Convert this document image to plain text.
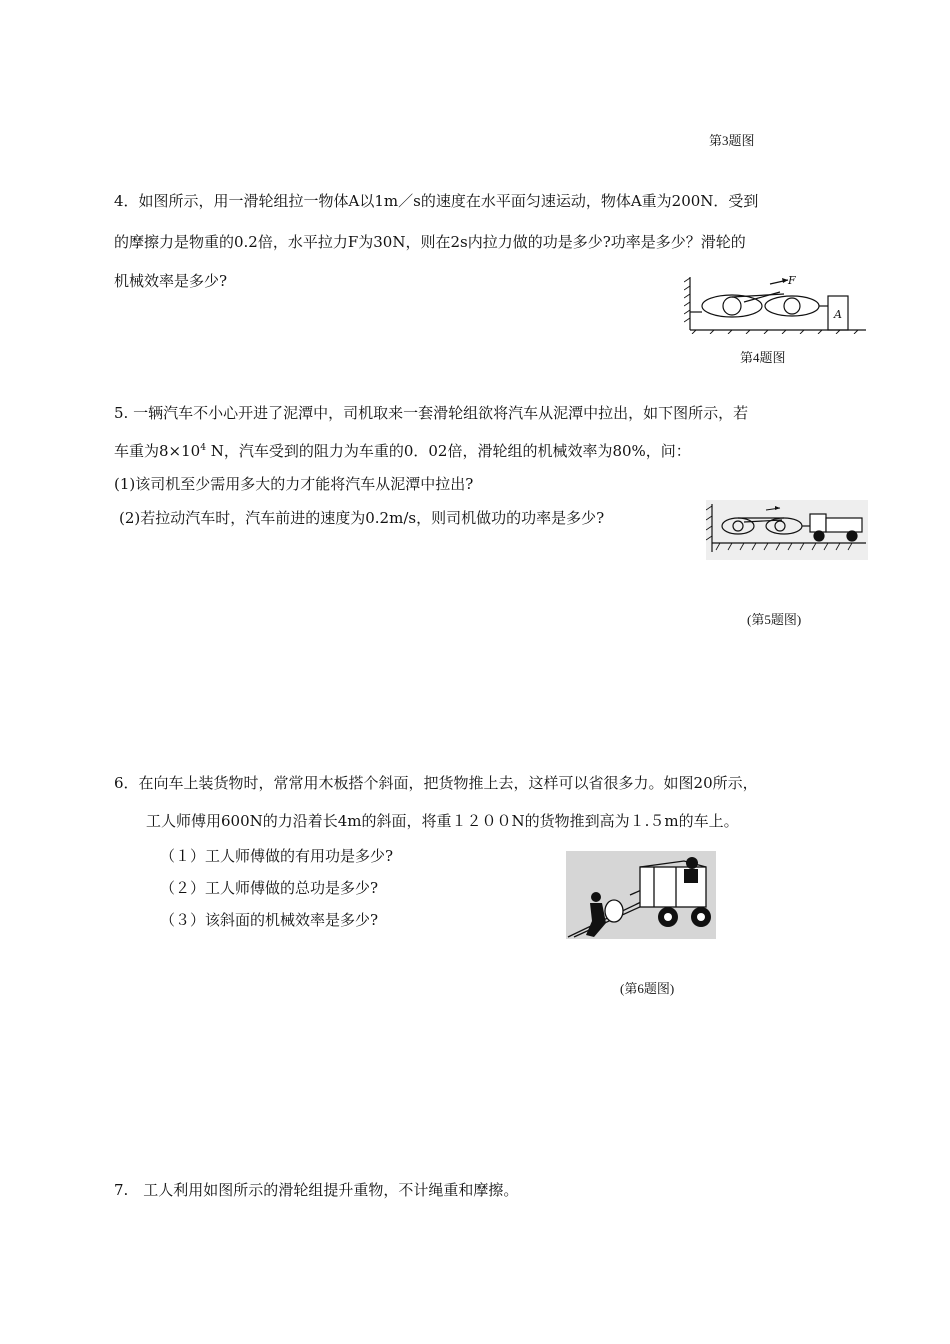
第3题图
4．如图所示，用一滑轮组拉一物体A以1m／s的速度在水平面匀速运动，物体A重为200N．受到
的摩擦力是物重的0.2倍，水平拉力F为30N，则在2s内拉力做的功是多少?功率是多少？滑轮的
机械效率是多少?	F
A
第4题图
5. 一辆汽车不小心开进了泥潭中，司机取来一套滑轮组欲将汽车从泥潭中拉出，如下图所示，若
车重为$8\times 10^4$ N，汽车受到的阻力为车重的0．02倍，滑轮组的机械效率为80%，问：
(1)该司机至少需用多大的力才能将汽车从泥潭中拉出?
(2)若拉动汽车时，汽车前进的速度为0.2m/s，则司机做功的功率是多少?
(第5题图)
6．在向车上装货物时，常常用木板搭个斜面，把货物推上去，这样可以省很多力。如图20所示，
工人师傅用600N的力沿着长4m的斜面，将重１２００N的货物推到高为１.５m的车上。
（１）工人师傅做的有用功是多少?
（２）工人师傅做的总功是多少?
（３）该斜面的机械效率是多少?
(第6题图)
7.　工人利用如图所示的滑轮组提升重物，不计绳重和摩擦。
